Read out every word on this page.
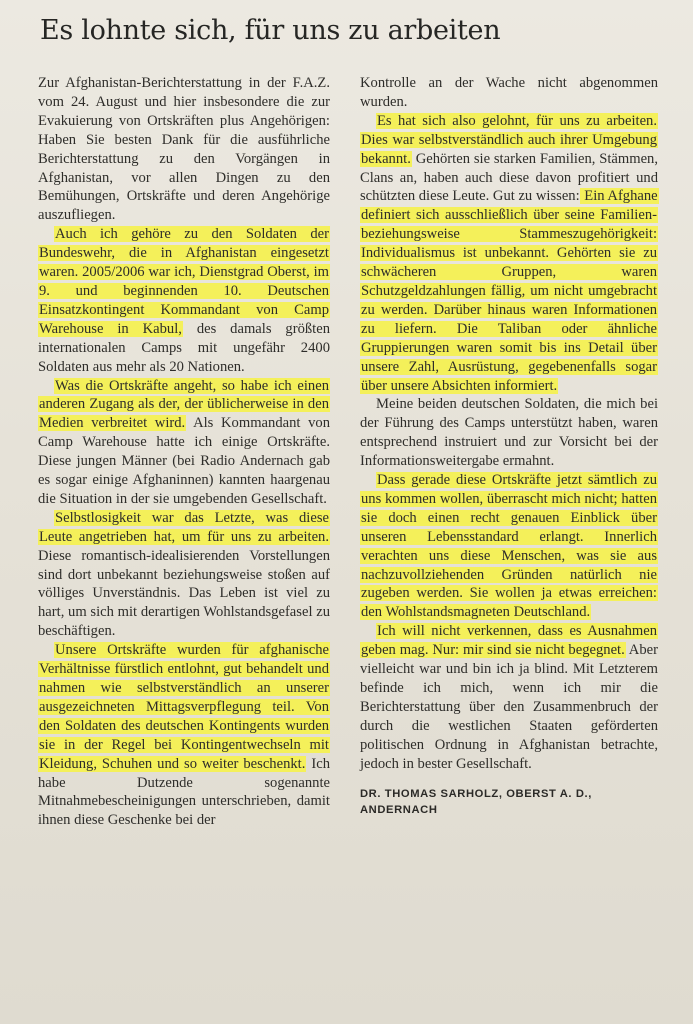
Es lohnte sich, für uns zu arbeiten

Zur Afghanistan-Berichterstattung in der F.A.Z. vom 24. August und hier insbesondere die zur Evakuierung von Ortskräften plus Angehörigen: Haben Sie besten Dank für die ausführliche Berichterstattung zu den Vorgängen in Afghanistan, vor allen Dingen zu den Bemühungen, Ortskräfte und deren Angehörige auszufliegen.

Auch ich gehöre zu den Soldaten der Bundeswehr, die in Afghanistan eingesetzt waren. 2005/2006 war ich, Dienstgrad Oberst, im 9. und beginnenden 10. Deutschen Einsatzkontingent Kommandant von Camp Warehouse in Kabul, des damals größten internationalen Camps mit ungefähr 2400 Soldaten aus mehr als 20 Nationen.

Was die Ortskräfte angeht, so habe ich einen anderen Zugang als der, der üblicherweise in den Medien verbreitet wird. Als Kommandant von Camp Warehouse hatte ich einige Ortskräfte. Diese jungen Männer (bei Radio Andernach gab es sogar einige Afghaninnen) kannten haargenau die Situation in der sie umgebenden Gesellschaft.

Selbstlosigkeit war das Letzte, was diese Leute angetrieben hat, um für uns zu arbeiten. Diese romantisch-idealisierenden Vorstellungen sind dort unbekannt beziehungsweise stoßen auf völliges Unverständnis. Das Leben ist viel zu hart, um sich mit derartigen Wohlstandsgefasel zu beschäftigen.

Unsere Ortskräfte wurden für afghanische Verhältnisse fürstlich entlohnt, gut behandelt und nahmen wie selbstverständlich an unserer ausgezeichneten Mittagsverpflegung teil. Von den Soldaten des deutschen Kontingents wurden sie in der Regel bei Kontingentwechseln mit Kleidung, Schuhen und so weiter beschenkt. Ich habe Dutzende sogenannte Mitnahmebescheinigungen unterschrieben, damit ihnen diese Geschenke bei der

Kontrolle an der Wache nicht abgenommen wurden.

Es hat sich also gelohnt, für uns zu arbeiten. Dies war selbstverständlich auch ihrer Umgebung bekannt. Gehörten sie starken Familien, Stämmen, Clans an, haben auch diese davon profitiert und schützten diese Leute. Gut zu wissen: Ein Afghane definiert sich ausschließlich über seine Familien- beziehungsweise Stammeszugehörigkeit: Individualismus ist unbekannt. Gehörten sie zu schwächeren Gruppen, waren Schutzgeldzahlungen fällig, um nicht umgebracht zu werden. Darüber hinaus waren Informationen zu liefern. Die Taliban oder ähnliche Gruppierungen waren somit bis ins Detail über unsere Zahl, Ausrüstung, gegebenenfalls sogar über unsere Absichten informiert.

Meine beiden deutschen Soldaten, die mich bei der Führung des Camps unterstützt haben, waren entsprechend instruiert und zur Vorsicht bei der Informationsweitergabe ermahnt.

Dass gerade diese Ortskräfte jetzt sämtlich zu uns kommen wollen, überrascht mich nicht; hatten sie doch einen recht genauen Einblick über unseren Lebensstandard erlangt. Innerlich verachten uns diese Menschen, was sie aus nachzuvollziehenden Gründen natürlich nie zugeben werden. Sie wollen ja etwas erreichen: den Wohlstandsmagneten Deutschland.

Ich will nicht verkennen, dass es Ausnahmen geben mag. Nur: mir sind sie nicht begegnet. Aber vielleicht war und bin ich ja blind. Mit Letzterem befinde ich mich, wenn ich mir die Berichterstattung über den Zusammenbruch der durch die westlichen Staaten geförderten politischen Ordnung in Afghanistan betrachte, jedoch in bester Gesellschaft.

DR. THOMAS SARHOLZ, OBERST A. D., ANDERNACH
